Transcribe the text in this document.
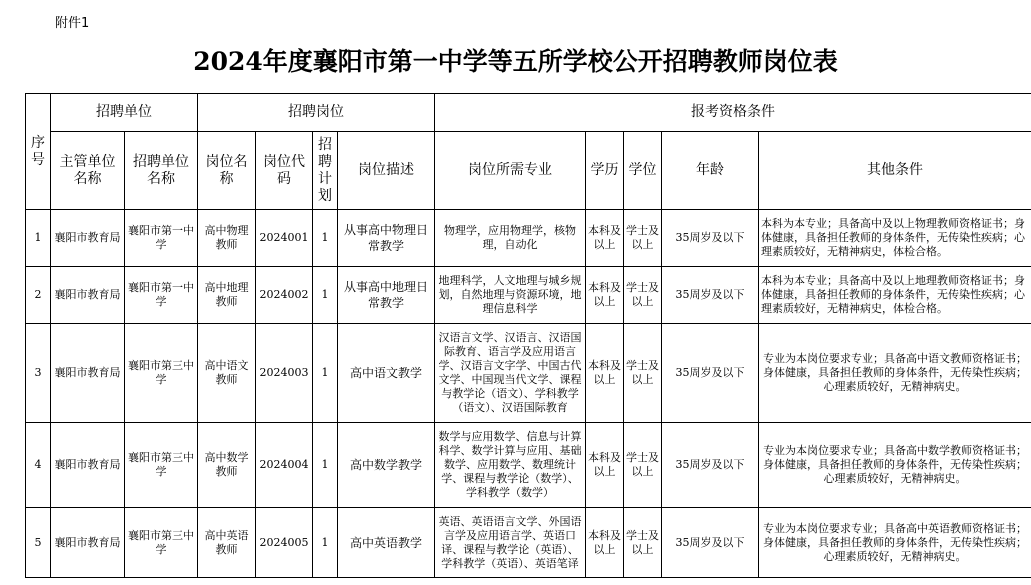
附件1
2024年度襄阳市第一中学等五所学校公开招聘教师岗位表
序号	招聘单位		招聘岗位				报考资格条件				
	主管单位名称	招聘单位名称	岗位名称	岗位代码	招聘计划	岗位描述	岗位所需专业	学历	学位	年龄	其他条件
1	襄阳市教育局	襄阳市第一中学	高中物理教师	2024001	1	从事高中物理日常教学	物理学，应用物理学，核物理，自动化	本科及以上	学士及以上	35周岁及以下	本科为本专业；具备高中及以上物理教师资格证书；身体健康，具备担任教师的身体条件，无传染性疾病；心理素质较好，无精神病史，体检合格。
2	襄阳市教育局	襄阳市第一中学	高中地理教师	2024002	1	从事高中地理日常教学	地理科学，人文地理与城乡规划，自然地理与资源环境，地理信息科学	本科及以上	学士及以上	35周岁及以下	本科为本专业；具备高中及以上地理教师资格证书；身体健康，具备担任教师的身体条件，无传染性疾病；心理素质较好，无精神病史，体检合格。
3	襄阳市教育局	襄阳市第三中学	高中语文教师	2024003	1	高中语文教学	汉语言文学、汉语言、汉语国际教育、语言学及应用语言学、汉语言文字学、中国古代文学、中国现当代文学、课程与教学论（语文）、学科教学（语文）、汉语国际教育	本科及以上	学士及以上	35周岁及以下	专业为本岗位要求专业；具备高中语文教师资格证书；身体健康，具备担任教师的身体条件，无传染性疾病；心理素质较好，无精神病史。
4	襄阳市教育局	襄阳市第三中学	高中数学教师	2024004	1	高中数学教学	数学与应用数学、信息与计算科学、数学计算与应用、基础数学、应用数学、数理统计学、课程与教学论（数学）、学科教学（数学）	本科及以上	学士及以上	35周岁及以下	专业为本岗位要求专业；具备高中数学教师资格证书；身体健康，具备担任教师的身体条件，无传染性疾病；心理素质较好，无精神病史。
5	襄阳市教育局	襄阳市第三中学	高中英语教师	2024005	1	高中英语教学	英语、英语语言文学、外国语言学及应用语言学、英语口译、课程与教学论（英语）、学科教学（英语）、英语笔译	本科及以上	学士及以上	35周岁及以下	专业为本岗位要求专业；具备高中英语教师资格证书；身体健康，具备担任教师的身体条件，无传染性疾病；心理素质较好，无精神病史。
